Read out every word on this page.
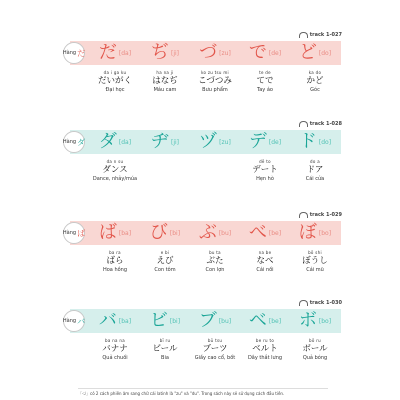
track 1-027
Hàng だ だ [da] ぢ [ji] づ [zu] で [de] ど [do]
da i ga ku
だいがく
Đại học
ha na ji
はなぢ
Máu cam
ko zu tsu mi
こづつみ
Bưu phẩm
te de
てで
Tay áo
ka do
かど
Góc
track 1-028
Hàng ダ ダ [da] ヂ [ji] ヅ [zu] デ [de] ド [do]
da n su
ダンス
Dance, nhảy/múa
dē to
デート
Hẹn hò
do a
ドア
Cái cửa
track 1-029
Hàng ば ば [ba] び [bi] ぶ [bu] べ [be] ぼ [bo]
ba ra
ばら
Hoa hồng
e bi
えび
Con tôm
bu ta
ぶた
Con lợn
na be
なべ
Cái nồi
bō shi
ぼうし
Cái mũ
track 1-030
Hàng バ バ [ba] ビ [bi] ブ [bu] ベ [be] ボ [bo]
ba na na
バナナ
Quả chuối
bī ru
ビール
Bia
bū tsu
ブーツ
Giầy cao cổ, bốt
be ru to
ベルト
Dây thắt lưng
bō ru
ボール
Quả bóng
「づ」có 2 cách phiên âm sang chữ cái latinh là "zu" và "du". Trong sách này sẽ sử dụng cách đầu tiên.
